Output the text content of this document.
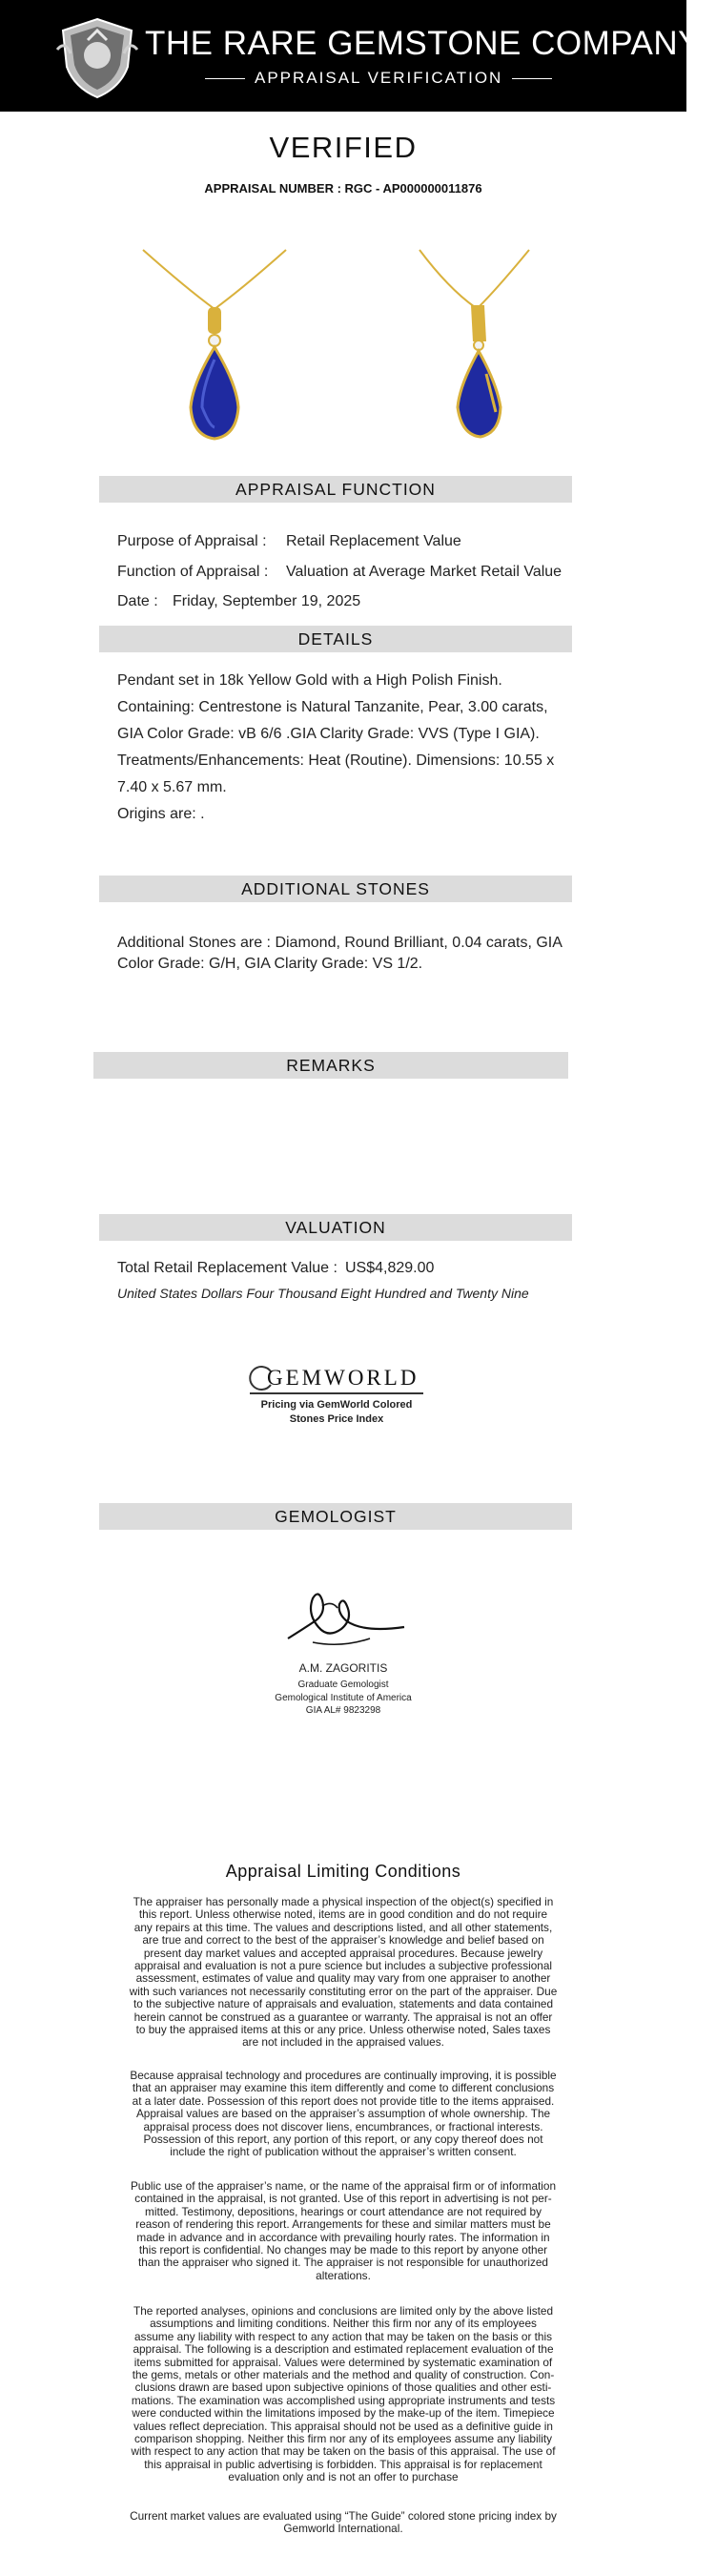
THE RARE GEMSTONE COMPANY ™
APPRAISAL VERIFICATION
VERIFIED
APPRAISAL NUMBER : RGC - AP000000011876
APPRAISAL FUNCTION
Purpose of Appraisal : Retail Replacement Value
Function of Appraisal : Valuation at Average Market Retail Value
Date : Friday, September 19, 2025
DETAILS
Pendant set in 18k Yellow Gold with a High Polish Finish.
Containing: Centrestone is Natural Tanzanite, Pear, 3.00 carats,
GIA Color Grade: vB 6/6 .GIA Clarity Grade: VVS (Type I GIA).
Treatments/Enhancements: Heat (Routine). Dimensions: 10.55 x
7.40 x 5.67 mm.
Origins are: .
ADDITIONAL STONES
Additional Stones are : Diamond, Round Brilliant, 0.04 carats, GIA
Color Grade: G/H, GIA Clarity Grade: VS 1/2.
REMARKS
VALUATION
Total Retail Replacement Value : US$4,829.00
United States Dollars Four Thousand Eight Hundred and Twenty Nine
GEMWORLD
Pricing via GemWorld Colored
Stones Price Index
GEMOLOGIST
A.M. ZAGORITIS
Graduate Gemologist
Gemological Institute of America
GIA AL# 9823298
Appraisal Limiting Conditions
The appraiser has personally made a physical inspection of the object(s) specified in
this report. Unless otherwise noted, items are in good condition and do not require
any repairs at this time. The values and descriptions listed, and all other statements,
are true and correct to the best of the appraiser’s knowledge and belief based on
present day market values and accepted appraisal procedures. Because jewelry
appraisal and evaluation is not a pure science but includes a subjective professional
assessment, estimates of value and quality may vary from one appraiser to another
with such variances not necessarily constituting error on the part of the appraiser. Due
to the subjective nature of appraisals and evaluation, statements and data contained
herein cannot be construed as a guarantee or warranty. The appraisal is not an offer
to buy the appraised items at this or any price. Unless otherwise noted, Sales taxes
are not included in the appraised values.
Because appraisal technology and procedures are continually improving, it is possible
that an appraiser may examine this item differently and come to different conclusions
at a later date. Possession of this report does not provide title to the items appraised.
Appraisal values are based on the appraiser’s assumption of whole ownership. The
appraisal process does not discover liens, encumbrances, or fractional interests.
Possession of this report, any portion of this report, or any copy thereof does not
include the right of publication without the appraiser’s written consent.
Public use of the appraiser’s name, or the name of the appraisal firm or of information
contained in the appraisal, is not granted. Use of this report in advertising is not per-
mitted. Testimony, depositions, hearings or court attendance are not required by
reason of rendering this report. Arrangements for these and similar matters must be
made in advance and in accordance with prevailing hourly rates. The information in
this report is confidential. No changes may be made to this report by anyone other
than the appraiser who signed it. The appraiser is not responsible for unauthorized
alterations.
The reported analyses, opinions and conclusions are limited only by the above listed
assumptions and limiting conditions. Neither this firm nor any of its employees
assume any liability with respect to any action that may be taken on the basis or this
appraisal. The following is a description and estimated replacement evaluation of the
items submitted for appraisal. Values were determined by systematic examination of
the gems, metals or other materials and the method and quality of construction. Con-
clusions drawn are based upon subjective opinions of those qualities and other esti-
mations. The examination was accomplished using appropriate instruments and tests
were conducted within the limitations imposed by the make-up of the item. Timepiece
values reflect depreciation. This appraisal should not be used as a definitive guide in
comparison shopping. Neither this firm nor any of its employees assume any liability
with respect to any action that may be taken on the basis of this appraisal. The use of
this appraisal in public advertising is forbidden. This appraisal is for replacement
evaluation only and is not an offer to purchase
Current market values are evaluated using “The Guide” colored stone pricing index by
Gemworld International.
